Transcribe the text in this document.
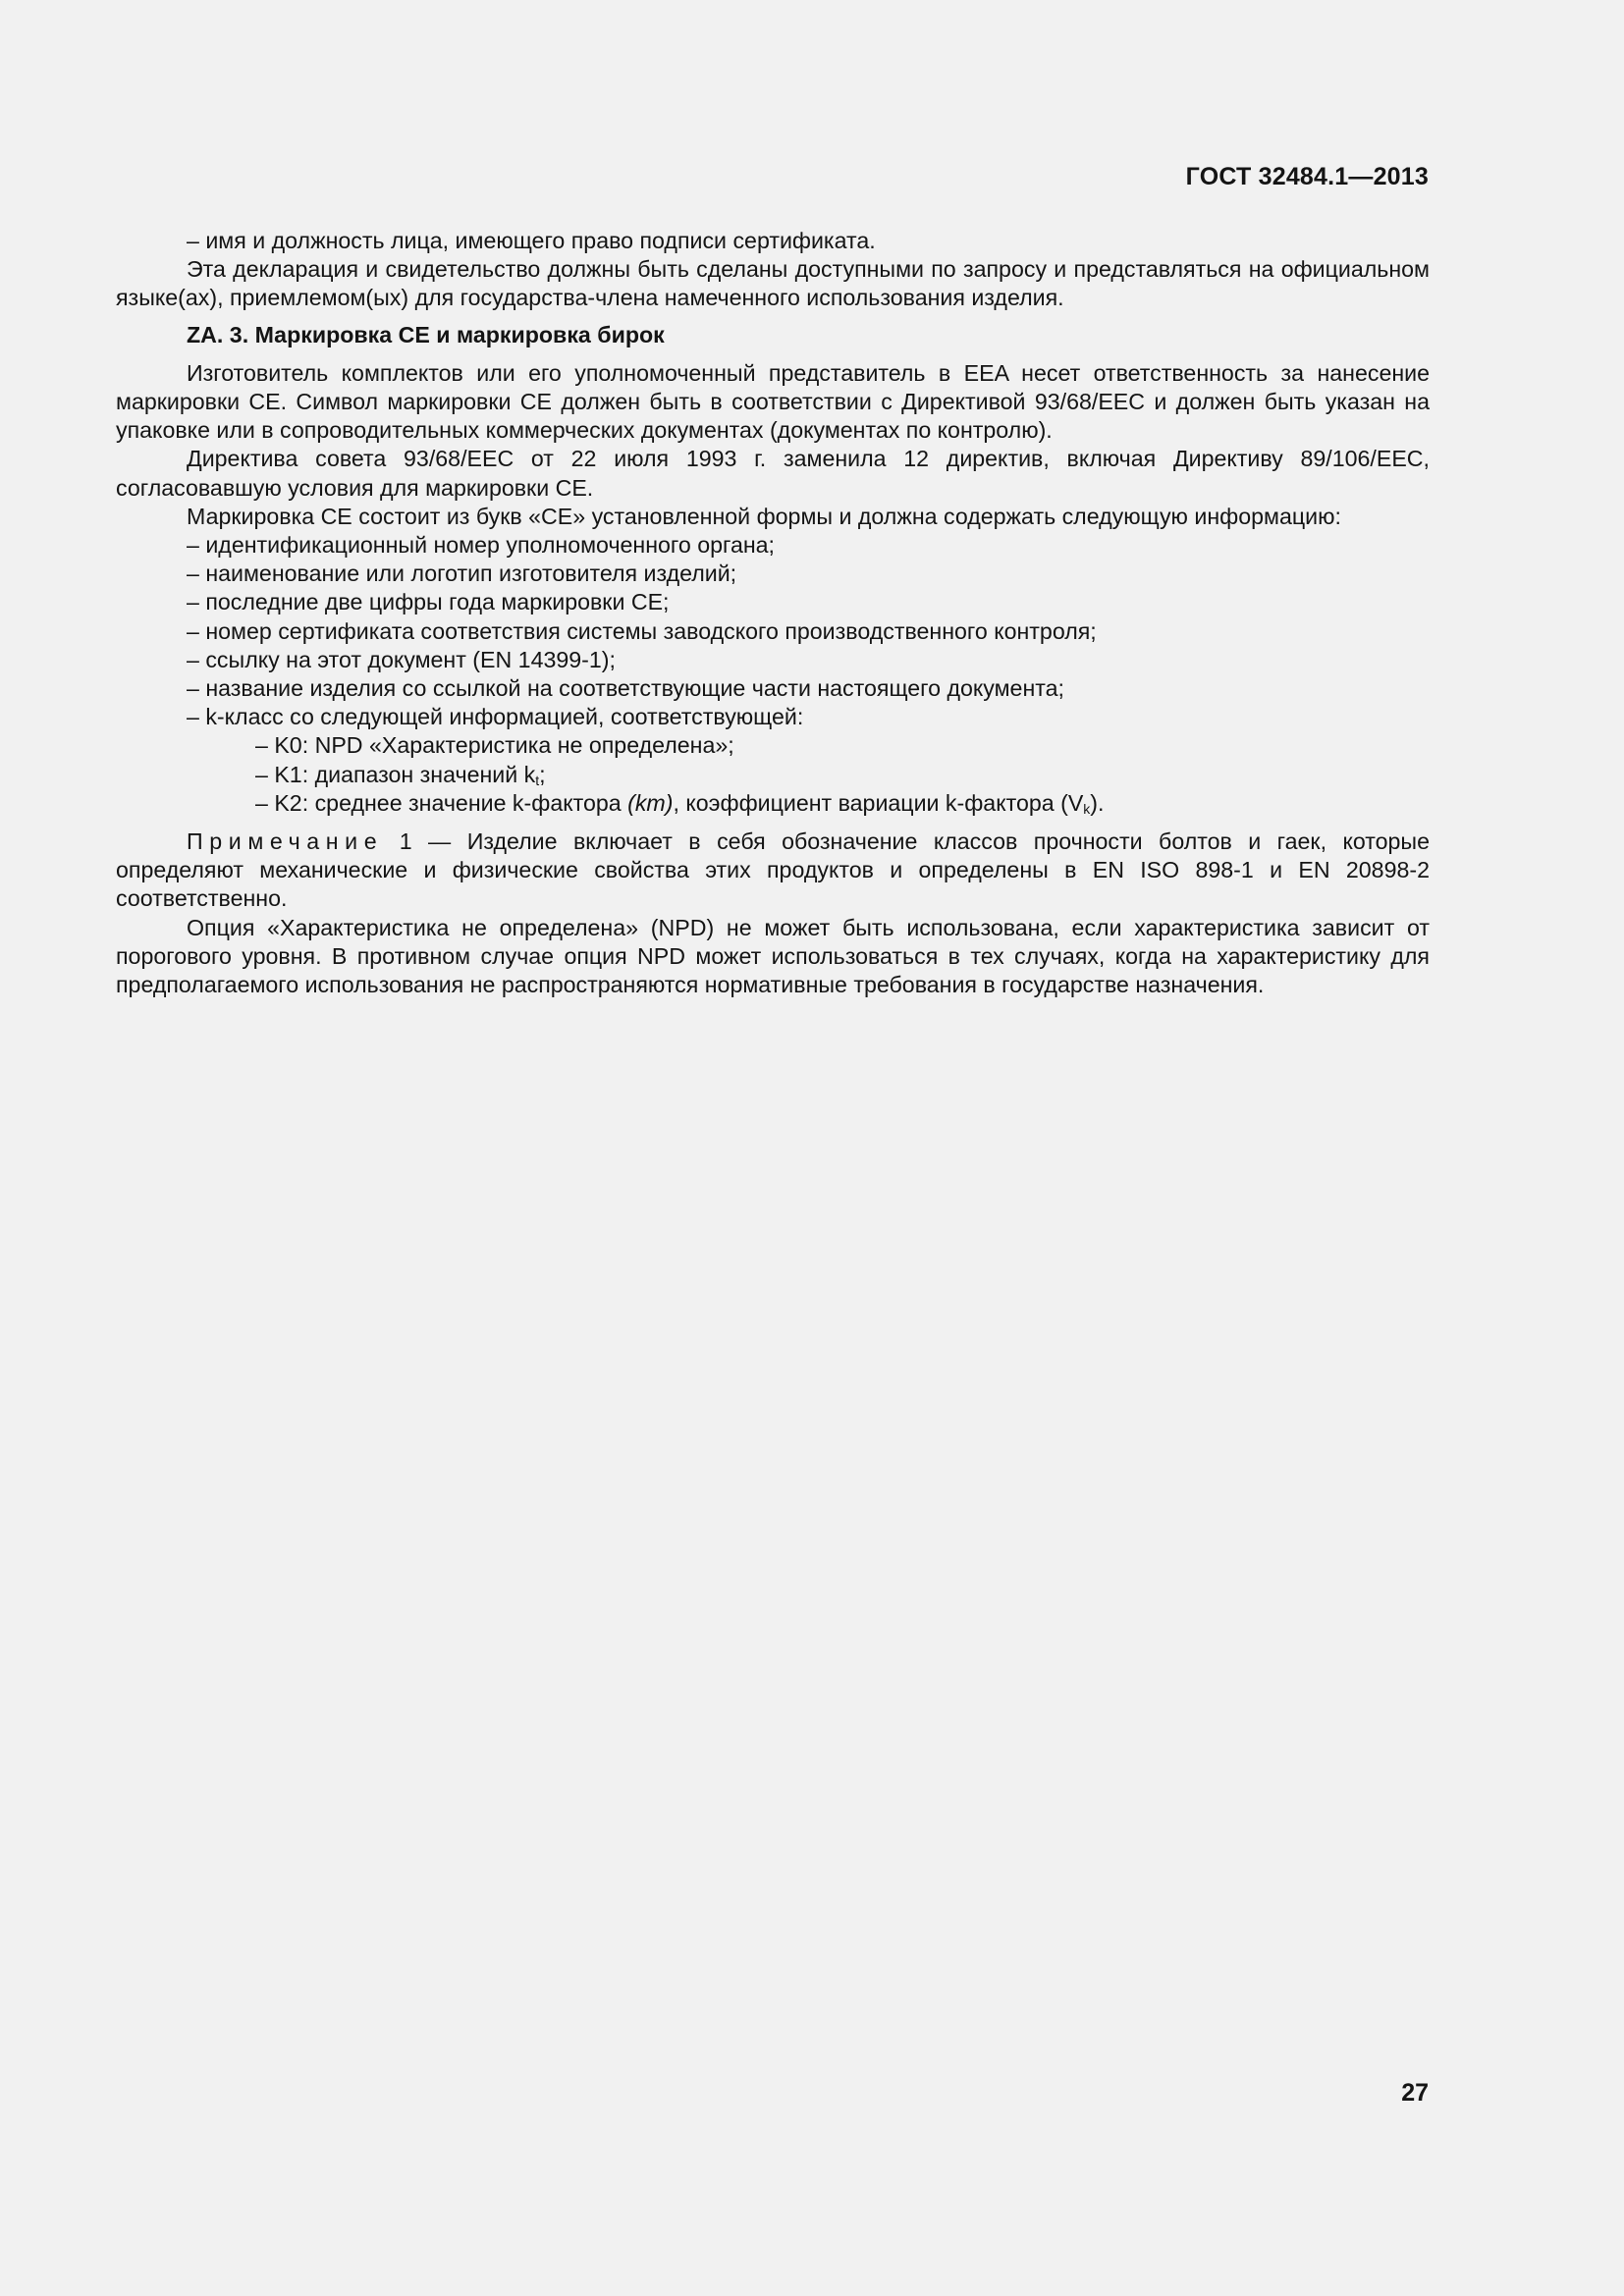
ГОСТ 32484.1—2013
– имя и должность лица, имеющего право подписи сертификата.

Эта декларация и свидетельство должны быть сделаны доступными по запросу и представляться на официальном языке(ах), приемлемом(ых) для государства-члена намеченного использования изделия.

ZA. 3. Маркировка CE и маркировка бирок

Изготовитель комплектов или его уполномоченный представитель в EEA несет ответственность за нанесение маркировки CE. Символ маркировки CE должен быть в соответствии с Директивой 93/68/EEC и должен быть указан на упаковке или в сопроводительных коммерческих документах (документах по контролю).

Директива совета 93/68/EEC от 22 июля 1993 г. заменила 12 директив, включая Директиву 89/106/EEC, согласовавшую условия для маркировки CE.

Маркировка CE состоит из букв «CE» установленной формы и должна содержать следующую информацию:

– идентификационный номер уполномоченного органа;
– наименование или логотип изготовителя изделий;
– последние две цифры года маркировки CE;
– номер сертификата соответствия системы заводского производственного контроля;
– ссылку на этот документ (EN 14399-1);
– название изделия со ссылкой на соответствующие части настоящего документа;
– k-класс со следующей информацией, соответствующей:
– K0: NPD «Характеристика не определена»;
– K1: диапазон значений $k_t$;
– K2: среднее значение k-фактора (km), коэффициент вариации k-фактора $(V_k)$.

Примечание 1 — Изделие включает в себя обозначение классов прочности болтов и гаек, которые определяют механические и физические свойства этих продуктов и определены в EN ISO 898-1 и EN 20898-2 соответственно.

Опция «Характеристика не определена» (NPD) не может быть использована, если характеристика зависит от порогового уровня. В противном случае опция NPD может использоваться в тех случаях, когда на характеристику для предполагаемого использования не распространяются нормативные требования в государстве назначения.

27
